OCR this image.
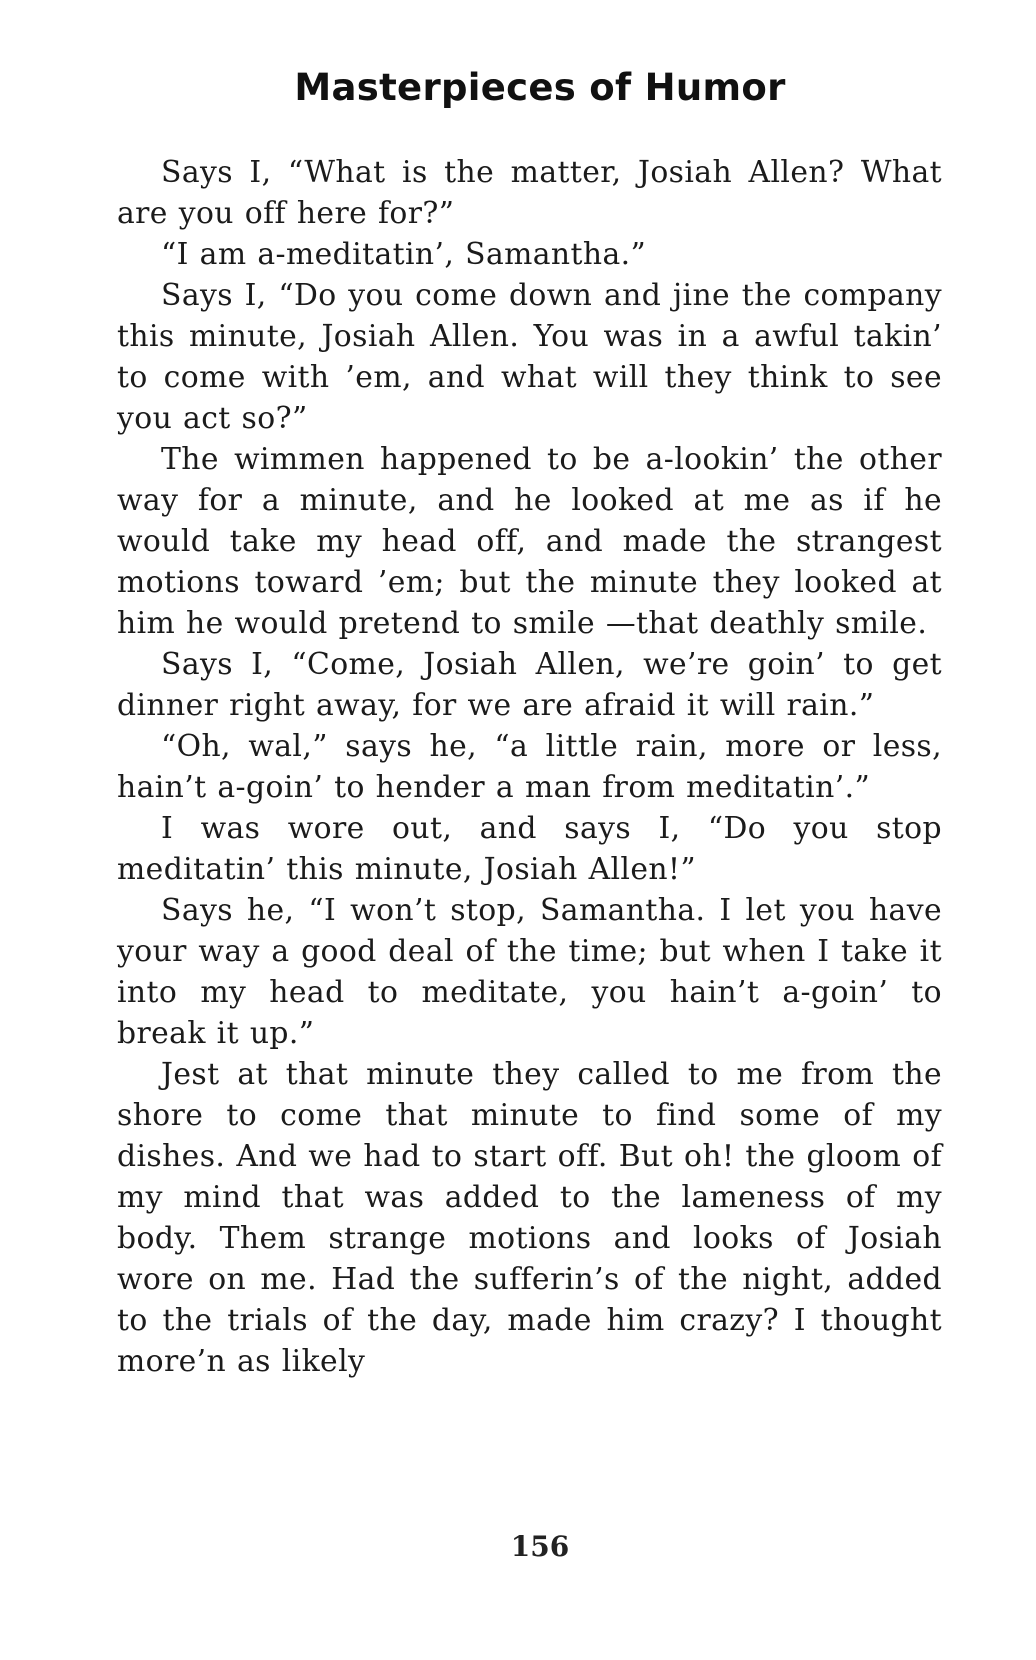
Masterpieces of Humor

Says I, “What is the matter, Josiah Allen? What are you off here for?”

“I am a-meditatin’, Samantha.”

Says I, “Do you come down and jine the company this minute, Josiah Allen. You was in a awful takin’ to come with ’em, and what will they think to see you act so?”

The wimmen happened to be a-lookin’ the other way for a minute, and he looked at me as if he would take my head off, and made the strangest motions toward ’em; but the minute they looked at him he would pretend to smile —that deathly smile.

Says I, “Come, Josiah Allen, we’re goin’ to get dinner right away, for we are afraid it will rain.”

“Oh, wal,” says he, “a little rain, more or less, hain’t a-goin’ to hender a man from meditatin’.”

I was wore out, and says I, “Do you stop meditatin’ this minute, Josiah Allen!”

Says he, “I won’t stop, Samantha. I let you have your way a good deal of the time; but when I take it into my head to meditate, you hain’t a-goin’ to break it up.”

Jest at that minute they called to me from the shore to come that minute to find some of my dishes. And we had to start off. But oh! the gloom of my mind that was added to the lameness of my body. Them strange motions and looks of Josiah wore on me. Had the sufferin’s of the night, added to the trials of the day, made him crazy? I thought more’n as likely

156
